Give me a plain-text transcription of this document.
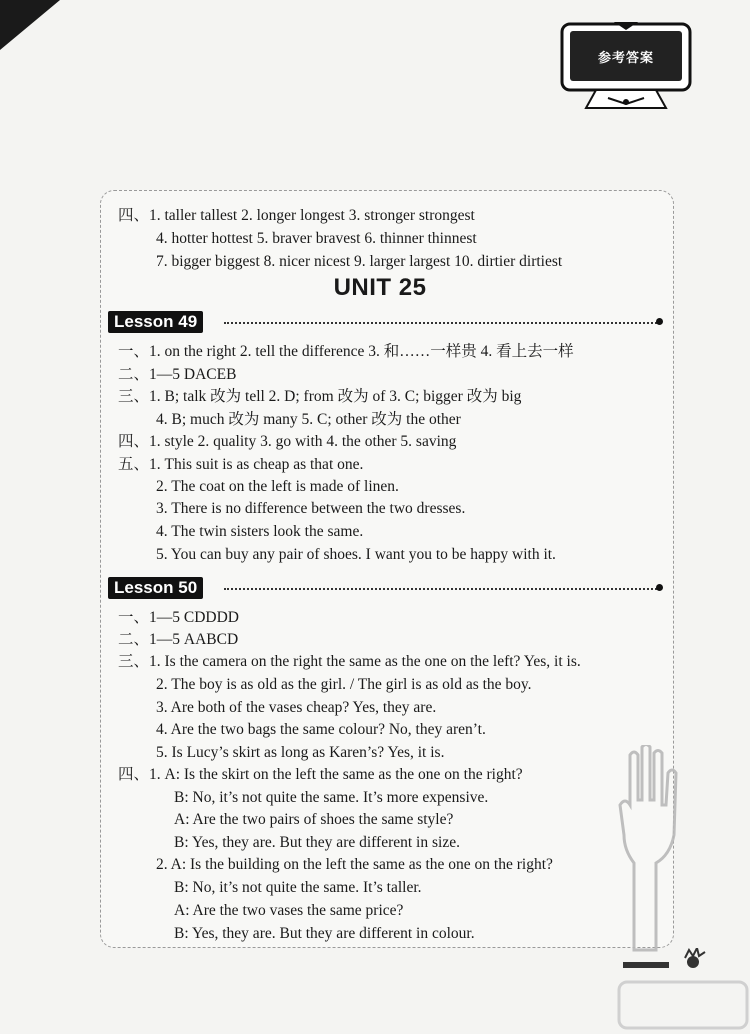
参考答案
四、1. taller tallest 2. longer longest 3. stronger strongest
4. hotter hottest 5. braver bravest 6. thinner thinnest
7. bigger biggest 8. nicer nicest 9. larger largest 10. dirtier dirtiest
UNIT 25
Lesson 49
一、1. on the right 2. tell the difference 3. 和……一样贵 4. 看上去一样
二、1—5 DACEB
三、1. B; talk 改为 tell 2. D; from 改为 of 3. C; bigger 改为 big
4. B; much 改为 many 5. C; other 改为 the other
四、1. style 2. quality 3. go with 4. the other 5. saving
五、1. This suit is as cheap as that one.
2. The coat on the left is made of linen.
3. There is no difference between the two dresses.
4. The twin sisters look the same.
5. You can buy any pair of shoes. I want you to be happy with it.
Lesson 50
一、1—5 CDDDD
二、1—5 AABCD
三、1. Is the camera on the right the same as the one on the left? Yes, it is.
2. The boy is as old as the girl. / The girl is as old as the boy.
3. Are both of the vases cheap? Yes, they are.
4. Are the two bags the same colour? No, they aren’t.
5. Is Lucy’s skirt as long as Karen’s? Yes, it is.
四、1. A: Is the skirt on the left the same as the one on the right?
B: No, it’s not quite the same. It’s more expensive.
A: Are the two pairs of shoes the same style?
B: Yes, they are. But they are different in size.
2. A: Is the building on the left the same as the one on the right?
B: No, it’s not quite the same. It’s taller.
A: Are the two vases the same price?
B: Yes, they are. But they are different in colour.
